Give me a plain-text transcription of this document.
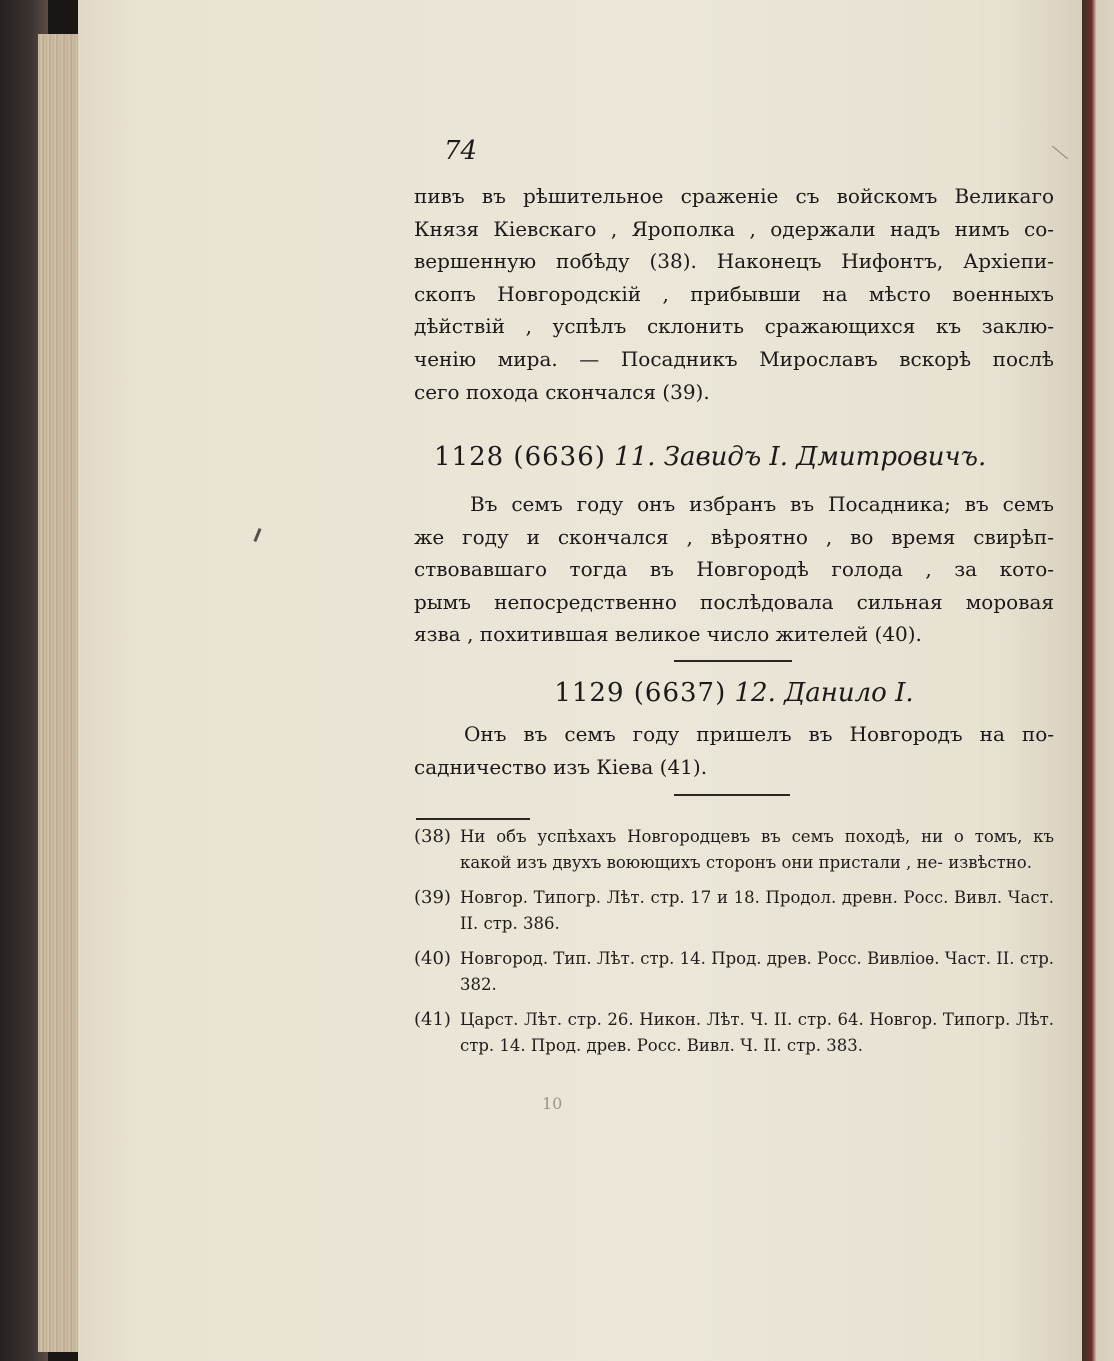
74
пивъ въ рѣшительное сраженіе съ войскомъ Великаго
Князя Кіевскаго , Ярополка , одержали надъ нимъ со-
вершенную побѣду (38). Наконецъ Нифонтъ, Архіепи-
скопъ Новгородскій , прибывши на мѣсто военныхъ
дѣйствій , успѣлъ склонить сражающихся къ заклю-
ченію мира. — Посадникъ Мирославъ вскорѣ послѣ
сего похода скончался (39).
1128 (6636) 11. Завидъ І. Дмитровичъ.
Въ семъ году онъ избранъ въ Посадника; въ семъ
же году и скончался , вѣроятно , во время свирѣп-
ствовавшаго тогда въ Новгородѣ голода , за кото-
рымъ непосредственно послѣдовала сильная моровая
язва , похитившая великое число жителей (40).
1129 (6637) 12. Данило І.
Онъ въ семъ году пришелъ въ Новгородъ на по-
садничество изъ Кіева (41).
(38) Ни объ успѣхахъ Новгородцевъ въ семъ походѣ, ни о томъ, къ какой изъ двухъ воюющихъ сторонъ они пристали , не- извѣстно.
(39) Новгор. Типогр. Лѣт. стр. 17 и 18. Продол. древн. Росс. Вивл. Част. II. стр. 386.
(40) Новгород. Тип. Лѣт. стр. 14. Прод. древ. Росс. Вивліоѳ. Част. II. стр. 382.
(41) Царст. Лѣт. стр. 26. Никон. Лѣт. Ч. II. стр. 64. Новгор. Типогр. Лѣт. стр. 14. Прод. древ. Росс. Вивл. Ч. II. стр. 383.
10
